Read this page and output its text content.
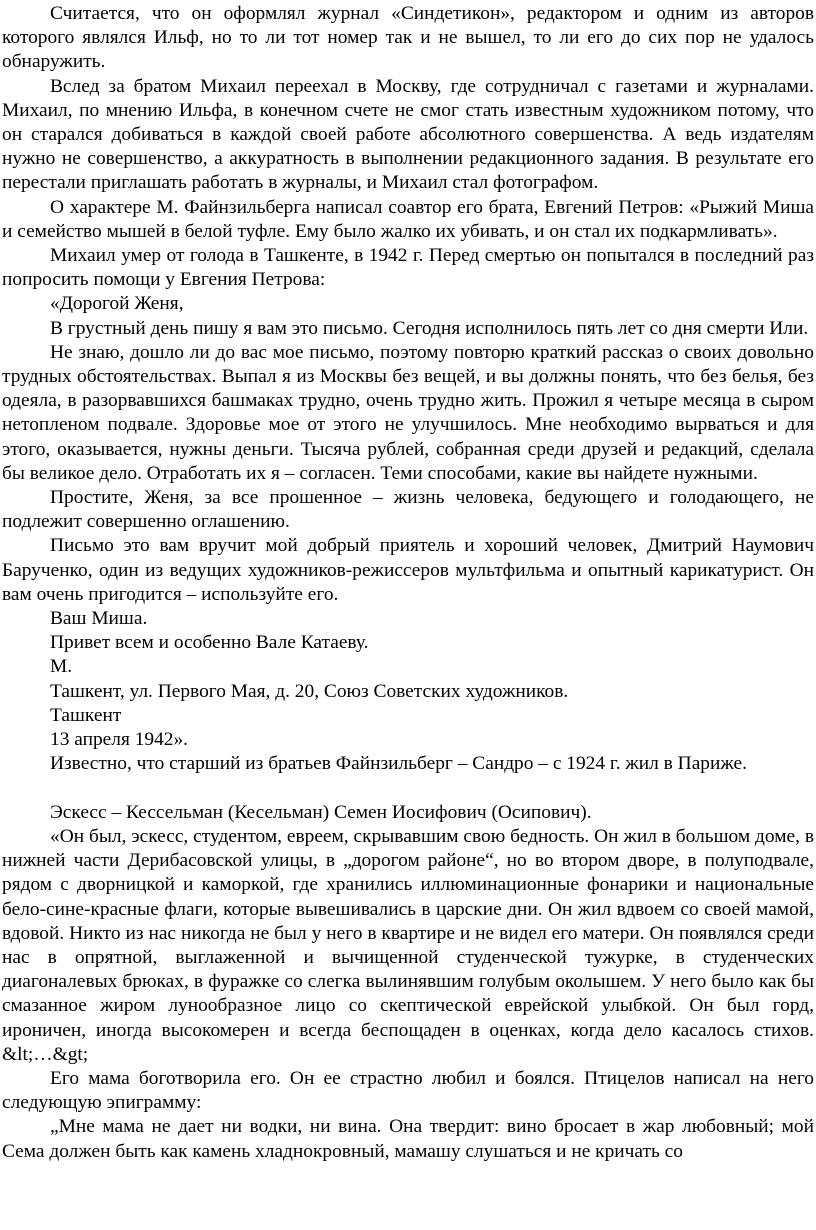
Считается, что он оформлял журнал «Синдетикон», редактором и одним из авторов которого являлся Ильф, но то ли тот номер так и не вышел, то ли его до сих пор не удалось обнаружить.

Вслед за братом Михаил переехал в Москву, где сотрудничал с газетами и журналами. Михаил, по мнению Ильфа, в конечном счете не смог стать известным художником потому, что он старался добиваться в каждой своей работе абсолютного совершенства. А ведь издателям нужно не совершенство, а аккуратность в выполнении редакционного задания. В результате его перестали приглашать работать в журналы, и Михаил стал фотографом.

О характере М. Файнзильберга написал соавтор его брата, Евгений Петров: «Рыжий Миша и семейство мышей в белой туфле. Ему было жалко их убивать, и он стал их подкармливать».

Михаил умер от голода в Ташкенте, в 1942 г. Перед смертью он попытался в последний раз попросить помощи у Евгения Петрова:

«Дорогой Женя,

В грустный день пишу я вам это письмо. Сегодня исполнилось пять лет со дня смерти Или.

Не знаю, дошло ли до вас мое письмо, поэтому повторю краткий рассказ о своих довольно трудных обстоятельствах. Выпал я из Москвы без вещей, и вы должны понять, что без белья, без одеяла, в разорвавшихся башмаках трудно, очень трудно жить. Прожил я четыре месяца в сыром нетопленом подвале. Здоровье мое от этого не улучшилось. Мне необходимо вырваться и для этого, оказывается, нужны деньги. Тысяча рублей, собранная среди друзей и редакций, сделала бы великое дело. Отработать их я – согласен. Теми способами, какие вы найдете нужными.

Простите, Женя, за все прошенное – жизнь человека, бедующего и голодающего, не подлежит совершенно оглашению.

Письмо это вам вручит мой добрый приятель и хороший человек, Дмитрий Наумович Барученко, один из ведущих художников-режиссеров мультфильма и опытный карикатурист. Он вам очень пригодится – используйте его.

Ваш Миша.

Привет всем и особенно Вале Катаеву.

М.

Ташкент, ул. Первого Мая, д. 20, Союз Советских художников.

Ташкент

13 апреля 1942».

Известно, что старший из братьев Файнзильберг – Сандро – с 1924 г. жил в Париже.

Эскесс – Кессельман (Кесельман) Семен Иосифович (Осипович).

«Он был, эскесс, студентом, евреем, скрывавшим свою бедность. Он жил в большом доме, в нижней части Дерибасовской улицы, в „дорогом районе“, но во втором дворе, в полуподвале, рядом с дворницкой и каморкой, где хранились иллюминационные фонарики и национальные бело-сине-красные флаги, которые вывешивались в царские дни. Он жил вдвоем со своей мамой, вдовой. Никто из нас никогда не был у него в квартире и не видел его матери. Он появлялся среди нас в опрятной, выглаженной и вычищенной студенческой тужурке, в студенческих диагоналевых брюках, в фуражке со слегка вылинявшим голубым околышем. У него было как бы смазанное жиром лунообразное лицо со скептической еврейской улыбкой. Он был горд, ироничен, иногда высокомерен и всегда беспощаден в оценках, когда дело касалось стихов. &lt;…&gt;

Его мама боготворила его. Он ее страстно любил и боялся. Птицелов написал на него следующую эпиграмму:

„Мне мама не дает ни водки, ни вина. Она твердит: вино бросает в жар любовный; мой Сема должен быть как камень хладнокровный, мамашу слушаться и не кричать со
